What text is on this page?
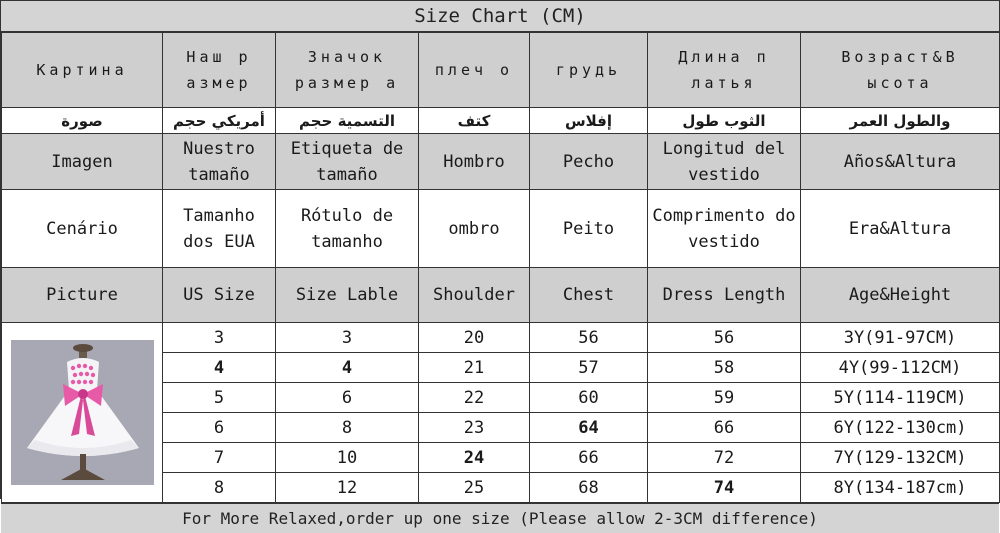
Size Chart (CM)
Картина	Наш р азмер	Значок размер а	плеч о	грудь	Длина п латья	Возраст&B ысота
صورة	أمريكي حجم	التسمية حجم	كتف	إفلاس	الثوب طول	والطول العمر
Imagen	Nuestro tamaño	Etiqueta de tamaño	Hombro	Pecho	Longitud del vestido	Años&Altura
Cenário	Tamanho dos EUA	Rótulo de tamanho	ombro	Peito	Comprimento do vestido	Era&Altura
Picture	US Size	Size Lable	Shoulder	Chest	Dress Length	Age&Height

	3	3	20	56	56	3Y(91-97CM)
	4	4	21	57	58	4Y(99-112CM)
	5	6	22	60	59	5Y(114-119CM)
	6	8	23	64	66	6Y(122-130cm)
	7	10	24	66	72	7Y(129-132CM)
	8	12	25	68	74	8Y(134-187cm)
For More Relaxed,order up one size (Please allow 2-3CM difference)
